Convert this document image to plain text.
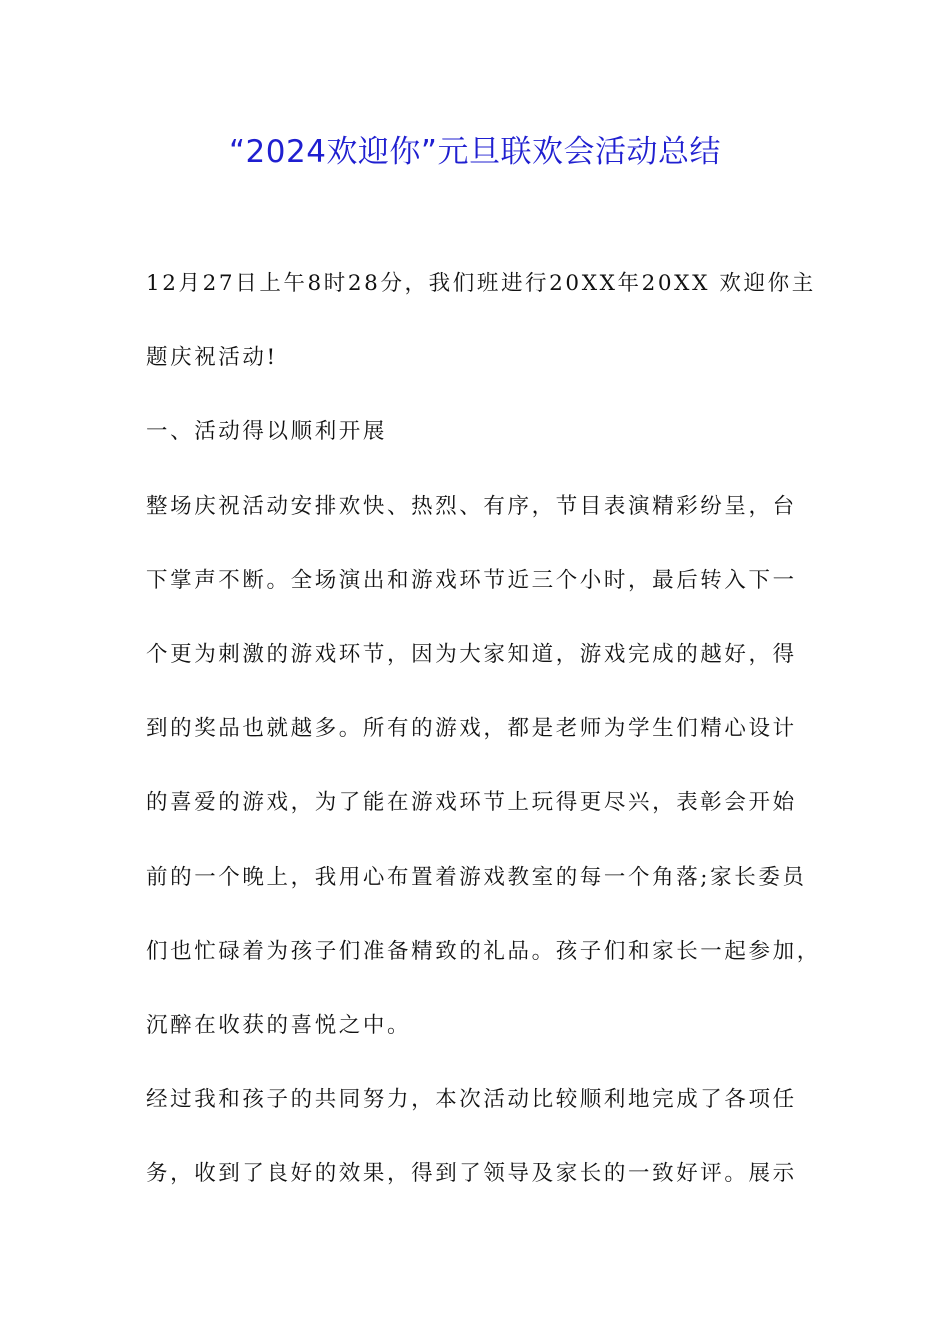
“2024欢迎你”元旦联欢会活动总结
12月27日上午8时28分，我们班进行20XX年20XX 欢迎你主
题庆祝活动!
一、活动得以顺利开展
整场庆祝活动安排欢快、热烈、有序，节目表演精彩纷呈，台
下掌声不断。全场演出和游戏环节近三个小时，最后转入下一
个更为刺激的游戏环节，因为大家知道，游戏完成的越好，得
到的奖品也就越多。所有的游戏，都是老师为学生们精心设计
的喜爱的游戏，为了能在游戏环节上玩得更尽兴，表彰会开始
前的一个晚上，我用心布置着游戏教室的每一个角落;家长委员
们也忙碌着为孩子们准备精致的礼品。孩子们和家长一起参加，
沉醉在收获的喜悦之中。
经过我和孩子的共同努力，本次活动比较顺利地完成了各项任
务，收到了良好的效果，得到了领导及家长的一致好评。展示
